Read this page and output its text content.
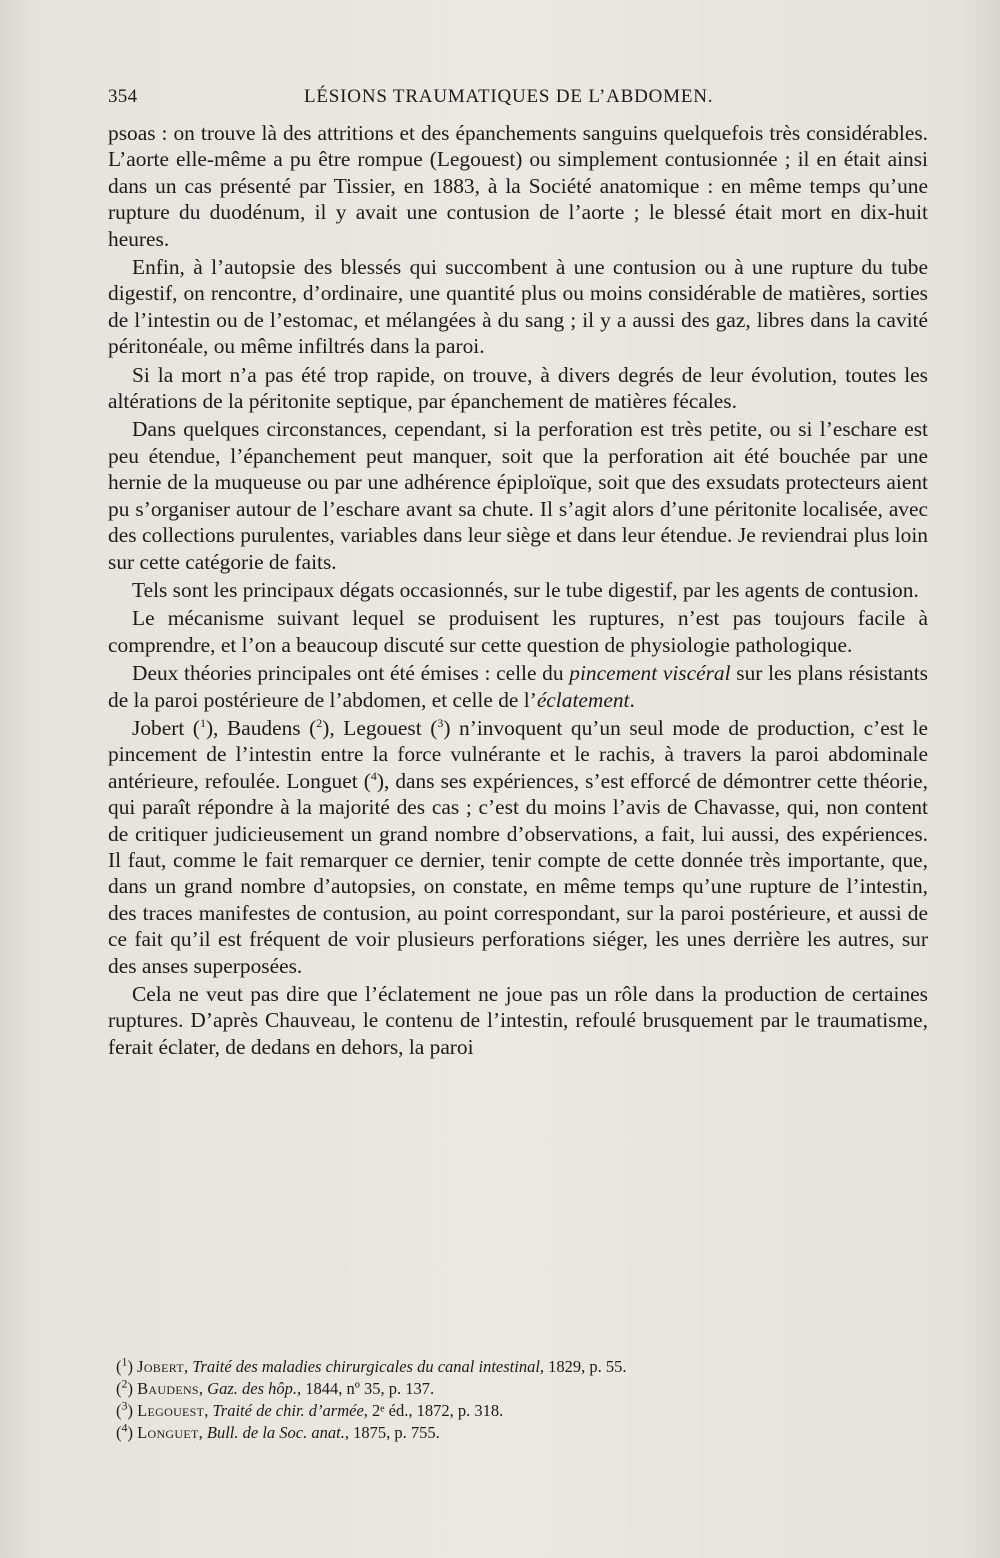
354	LÉSIONS TRAUMATIQUES DE L’ABDOMEN.

psoas : on trouve là des attritions et des épanchements sanguins quelquefois très considérables. L’aorte elle-même a pu être rompue (Legouest) ou simplement contusionnée ; il en était ainsi dans un cas présenté par Tissier, en 1883, à la Société anatomique : en même temps qu’une rupture du duodénum, il y avait une contusion de l’aorte ; le blessé était mort en dix-huit heures.

Enfin, à l’autopsie des blessés qui succombent à une contusion ou à une rupture du tube digestif, on rencontre, d’ordinaire, une quantité plus ou moins considérable de matières, sorties de l’intestin ou de l’estomac, et mélangées à du sang ; il y a aussi des gaz, libres dans la cavité péritonéale, ou même infiltrés dans la paroi.

Si la mort n’a pas été trop rapide, on trouve, à divers degrés de leur évolution, toutes les altérations de la péritonite septique, par épanchement de matières fécales.

Dans quelques circonstances, cependant, si la perforation est très petite, ou si l’eschare est peu étendue, l’épanchement peut manquer, soit que la perforation ait été bouchée par une hernie de la muqueuse ou par une adhérence épiploïque, soit que des exsudats protecteurs aient pu s’organiser autour de l’eschare avant sa chute. Il s’agit alors d’une péritonite localisée, avec des collections purulentes, variables dans leur siège et dans leur étendue. Je reviendrai plus loin sur cette catégorie de faits.

Tels sont les principaux dégats occasionnés, sur le tube digestif, par les agents de contusion.

Le mécanisme suivant lequel se produisent les ruptures, n’est pas toujours facile à comprendre, et l’on a beaucoup discuté sur cette question de physiologie pathologique.

Deux théories principales ont été émises : celle du pincement viscéral sur les plans résistants de la paroi postérieure de l’abdomen, et celle de l’éclatement.

Jobert ($^1$), Baudens ($^2$), Legouest ($^3$) n’invoquent qu’un seul mode de production, c’est le pincement de l’intestin entre la force vulnérante et le rachis, à travers la paroi abdominale antérieure, refoulée. Longuet ($^4$), dans ses expériences, s’est efforcé de démontrer cette théorie, qui paraît répondre à la majorité des cas ; c’est du moins l’avis de Chavasse, qui, non content de critiquer judicieusement un grand nombre d’observations, a fait, lui aussi, des expériences. Il faut, comme le fait remarquer ce dernier, tenir compte de cette donnée très importante, que, dans un grand nombre d’autopsies, on constate, en même temps qu’une rupture de l’intestin, des traces manifestes de contusion, au point correspondant, sur la paroi postérieure, et aussi de ce fait qu’il est fréquent de voir plusieurs perforations siéger, les unes derrière les autres, sur des anses superposées.

Cela ne veut pas dire que l’éclatement ne joue pas un rôle dans la production de certaines ruptures. D’après Chauveau, le contenu de l’intestin, refoulé brusquement par le traumatisme, ferait éclater, de dedans en dehors, la paroi

($^1$) Jobert, Traité des maladies chirurgicales du canal intestinal, 1829, p. 55.
($^2$) Baudens, Gaz. des hôp., 1844, nº 35, p. 137.
($^3$) Legouest, Traité de chir. d’armée, 2ᵉ éd., 1872, p. 318.
($^4$) Longuet, Bull. de la Soc. anat., 1875, p. 755.
